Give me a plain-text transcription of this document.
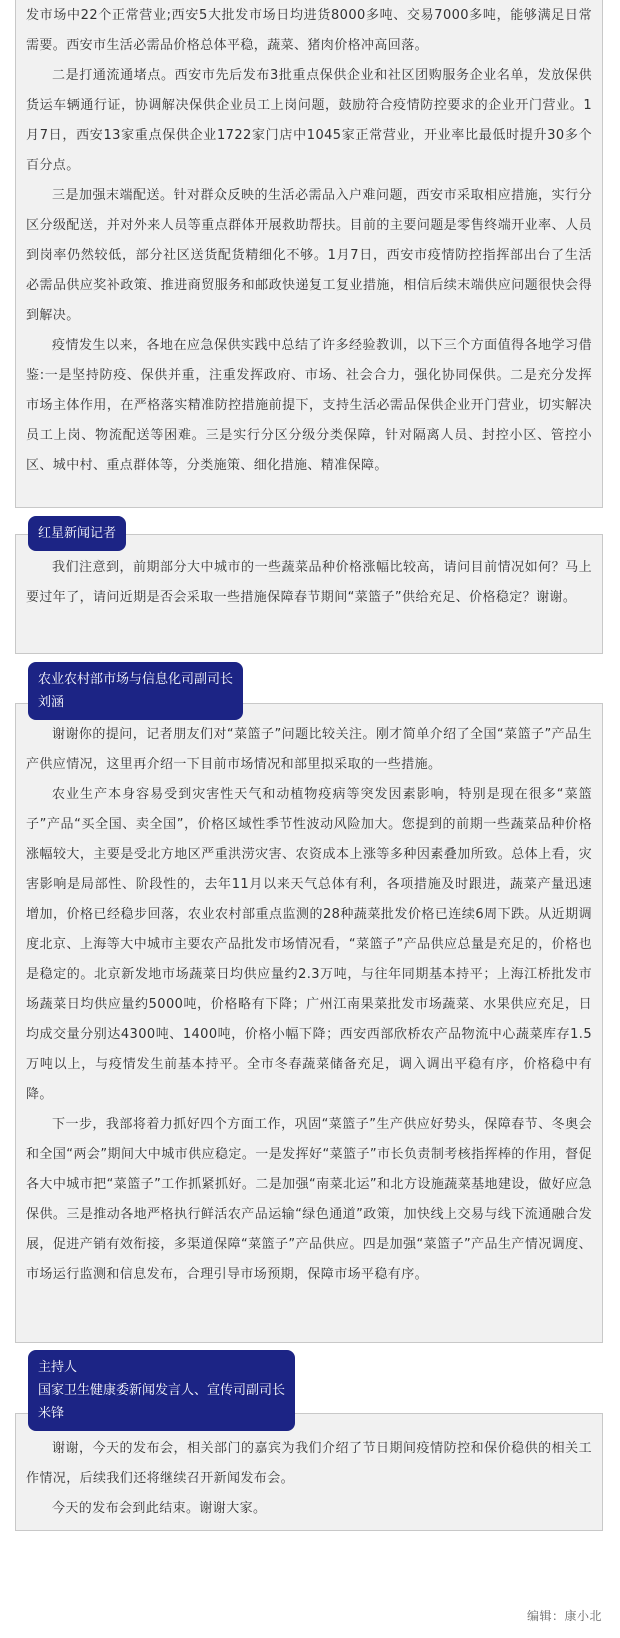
发市场中22个正常营业;西安5大批发市场日均进货8000多吨、交易7000多吨，能够满足日常需要。西安市生活必需品价格总体平稳，蔬菜、猪肉价格冲高回落。

二是打通流通堵点。西安市先后发布3批重点保供企业和社区团购服务企业名单，发放保供货运车辆通行证，协调解决保供企业员工上岗问题，鼓励符合疫情防控要求的企业开门营业。1月7日，西安13家重点保供企业1722家门店中1045家正常营业，开业率比最低时提升30多个百分点。

三是加强末端配送。针对群众反映的生活必需品入户难问题，西安市采取相应措施，实行分区分级配送，并对外来人员等重点群体开展救助帮扶。目前的主要问题是零售终端开业率、人员到岗率仍然较低，部分社区送货配货精细化不够。1月7日，西安市疫情防控指挥部出台了生活必需品供应奖补政策、推进商贸服务和邮政快递复工复业措施，相信后续末端供应问题很快会得到解决。

疫情发生以来，各地在应急保供实践中总结了许多经验教训，以下三个方面值得各地学习借鉴:一是坚持防疫、保供并重，注重发挥政府、市场、社会合力，强化协同保供。二是充分发挥市场主体作用，在严格落实精准防控措施前提下，支持生活必需品保供企业开门营业，切实解决员工上岗、物流配送等困难。三是实行分区分级分类保障，针对隔离人员、封控小区、管控小区、城中村、重点群体等，分类施策、细化措施、精准保障。

红星新闻记者

我们注意到，前期部分大中城市的一些蔬菜品种价格涨幅比较高，请问目前情况如何？马上要过年了，请问近期是否会采取一些措施保障春节期间“菜篮子”供给充足、价格稳定？谢谢。

农业农村部市场与信息化司副司长
刘涵

谢谢你的提问，记者朋友们对“菜篮子”问题比较关注。刚才简单介绍了全国“菜篮子”产品生产供应情况，这里再介绍一下目前市场情况和部里拟采取的一些措施。

农业生产本身容易受到灾害性天气和动植物疫病等突发因素影响，特别是现在很多“菜篮子”产品“买全国、卖全国”，价格区域性季节性波动风险加大。您提到的前期一些蔬菜品种价格涨幅较大，主要是受北方地区严重洪涝灾害、农资成本上涨等多种因素叠加所致。总体上看，灾害影响是局部性、阶段性的，去年11月以来天气总体有利，各项措施及时跟进，蔬菜产量迅速增加，价格已经稳步回落，农业农村部重点监测的28种蔬菜批发价格已连续6周下跌。从近期调度北京、上海等大中城市主要农产品批发市场情况看，“菜篮子”产品供应总量是充足的，价格也是稳定的。北京新发地市场蔬菜日均供应量约2.3万吨，与往年同期基本持平；上海江桥批发市场蔬菜日均供应量约5000吨，价格略有下降；广州江南果菜批发市场蔬菜、水果供应充足，日均成交量分别达4300吨、1400吨，价格小幅下降；西安西部欣桥农产品物流中心蔬菜库存1.5万吨以上，与疫情发生前基本持平。全市冬春蔬菜储备充足，调入调出平稳有序，价格稳中有降。

下一步，我部将着力抓好四个方面工作，巩固“菜篮子”生产供应好势头，保障春节、冬奥会和全国“两会”期间大中城市供应稳定。一是发挥好“菜篮子”市长负责制考核指挥棒的作用，督促各大中城市把“菜篮子”工作抓紧抓好。二是加强“南菜北运”和北方设施蔬菜基地建设，做好应急保供。三是推动各地严格执行鲜活农产品运输“绿色通道”政策，加快线上交易与线下流通融合发展，促进产销有效衔接，多渠道保障“菜篮子”产品供应。四是加强“菜篮子”产品生产情况调度、市场运行监测和信息发布，合理引导市场预期，保障市场平稳有序。

主持人
国家卫生健康委新闻发言人、宣传司副司长
米锋

谢谢，今天的发布会，相关部门的嘉宾为我们介绍了节日期间疫情防控和保价稳供的相关工作情况，后续我们还将继续召开新闻发布会。

今天的发布会到此结束。谢谢大家。

编辑：康小北
